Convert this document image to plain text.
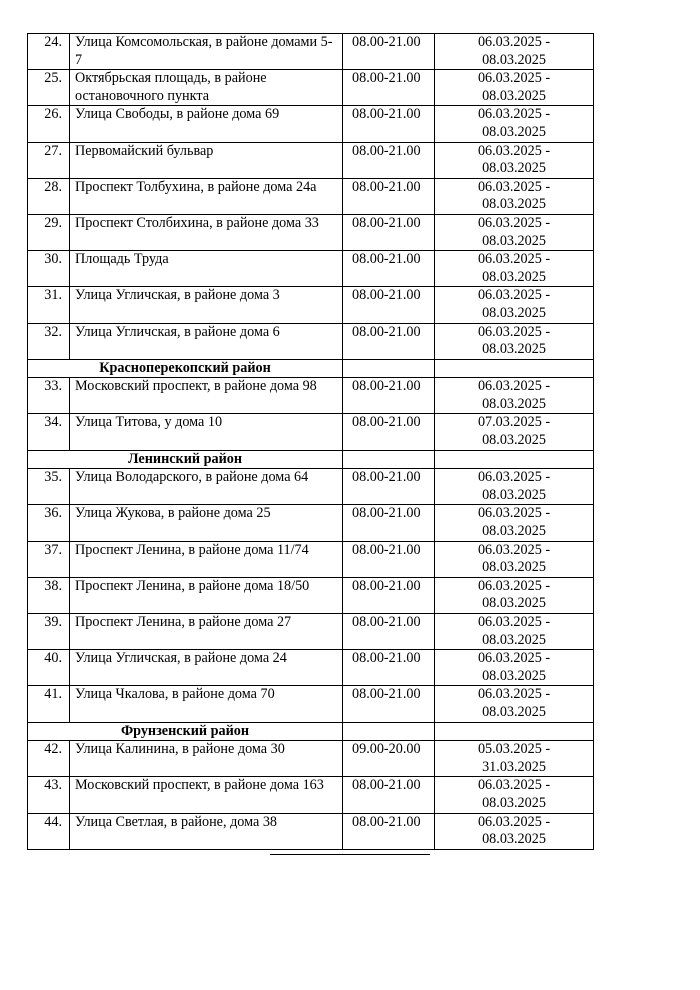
24.	Улица Комсомольская, в районе домами 5-7	08.00-21.00	06.03.2025 -
08.03.2025

25.	Октябрьская площадь, в районе остановочного пункта	08.00-21.00	06.03.2025 -
08.03.2025

26.	Улица Свободы, в районе дома 69	08.00-21.00	06.03.2025 -
08.03.2025

27.	Первомайский бульвар	08.00-21.00	06.03.2025 -
08.03.2025

28.	Проспект Толбухина, в районе дома 24а	08.00-21.00	06.03.2025 -
08.03.2025

29.	Проспект Столбихина, в районе дома 33	08.00-21.00	06.03.2025 -
08.03.2025

30.	Площадь Труда	08.00-21.00	06.03.2025 -
08.03.2025

31.	Улица Угличская, в районе дома 3	08.00-21.00	06.03.2025 -
08.03.2025

32.	Улица Угличская, в районе дома 6	08.00-21.00	06.03.2025 -
08.03.2025

Красноперекопский район			
33.	Московский проспект, в районе дома 98	08.00-21.00	06.03.2025 -
08.03.2025

34.	Улица Титова, у дома 10	08.00-21.00	07.03.2025 -
08.03.2025

Ленинский район			
35.	Улица Володарского, в районе дома 64	08.00-21.00	06.03.2025 -
08.03.2025

36.	Улица Жукова, в районе дома 25	08.00-21.00	06.03.2025 -
08.03.2025

37.	Проспект Ленина, в районе дома 11/74	08.00-21.00	06.03.2025 -
08.03.2025

38.	Проспект Ленина, в районе дома 18/50	08.00-21.00	06.03.2025 -
08.03.2025

39.	Проспект Ленина, в районе дома 27	08.00-21.00	06.03.2025 -
08.03.2025

40.	Улица Угличская, в районе дома 24	08.00-21.00	06.03.2025 -
08.03.2025

41.	Улица Чкалова, в районе дома 70	08.00-21.00	06.03.2025 -
08.03.2025

Фрунзенский район			
42.	Улица Калинина, в районе дома 30	09.00-20.00	05.03.2025 -
31.03.2025

43.	Московский проспект, в районе дома 163	08.00-21.00	06.03.2025 -
08.03.2025

44.	Улица Светлая, в районе, дома 38	08.00-21.00	06.03.2025 -
08.03.2025
